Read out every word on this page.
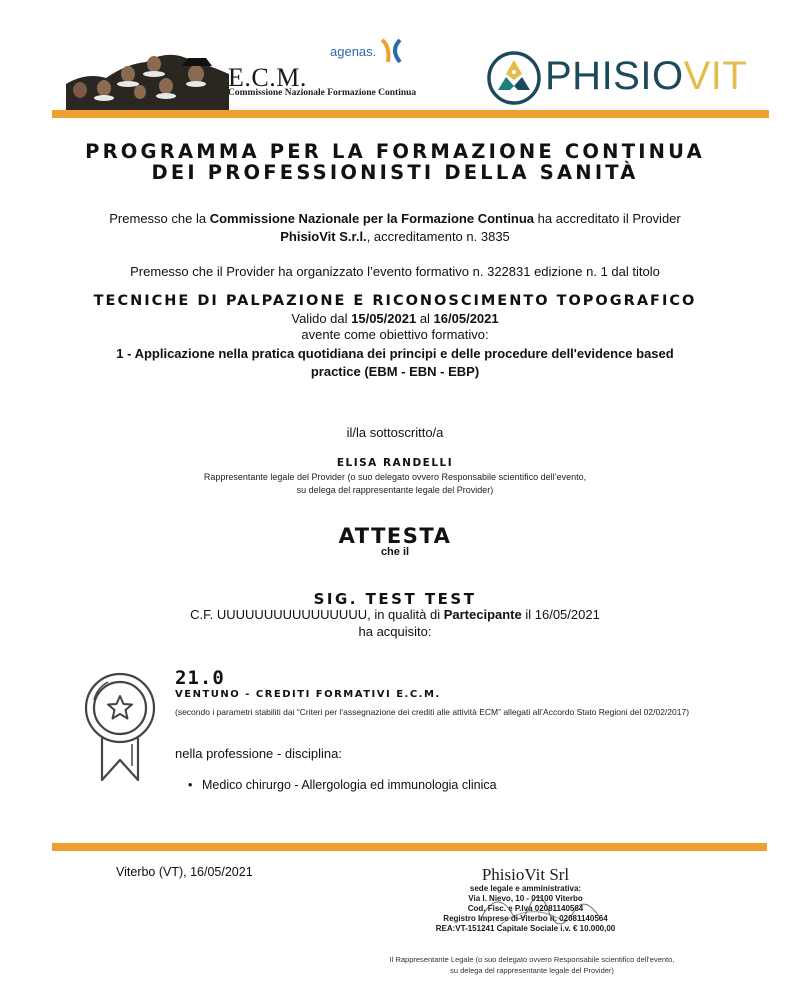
E.C.M.
Commissione Nazionale Formazione Continua
agenas.
PHISIOVIT
PROGRAMMA PER LA FORMAZIONE CONTINUA
DEI PROFESSIONISTI DELLA SANITÀ
Premesso che la Commissione Nazionale per la Formazione Continua ha accreditato il Provider
PhisioVit S.r.l., accreditamento n. 3835
Premesso che il Provider ha organizzato l’evento formativo n. 322831 edizione n. 1 dal titolo
TECNICHE DI PALPAZIONE E RICONOSCIMENTO TOPOGRAFICO
Valido dal 15/05/2021 al 16/05/2021
avente come obiettivo formativo:
1 - Applicazione nella pratica quotidiana dei principi e delle procedure dell'evidence based practice (EBM - EBN - EBP)
il/la sottoscritto/a
ELISA RANDELLI
Rappresentante legale del Provider (o suo delegato ovvero Responsabile scientifico dell’evento,
su delega del rappresentante legale del Provider)
ATTESTA
che il
SIG. TEST TEST
C.F. UUUUUUUUUUUUUUUU, in qualità di Partecipante il 16/05/2021
ha acquisito:
21.0
VENTUNO - CREDITI FORMATIVI E.C.M.
(secondo i parametri stabiliti dai “Criteri per l’assegnazione dei crediti alle attività ECM” allegati all’Accordo Stato Regioni del 02/02/2017)
nella professione - disciplina:
• Medico chirurgo - Allergologia ed immunologia clinica
Viterbo (VT), 16/05/2021	PhisioVit Srl
sede legale e amministrativa:
Via I. Nievo, 10 - 01100 Viterbo
Cod. Fisc. e P.Iva 02081140564
Registro Imprese di Viterbo n. 02081140564
REA:VT-151241 Capitale Sociale i.v. € 10.000,00
Il Rappresentante Legale (o suo delegato ovvero Responsabile scientifico dell’evento,
su delega del rappresentante legale del Provider)
